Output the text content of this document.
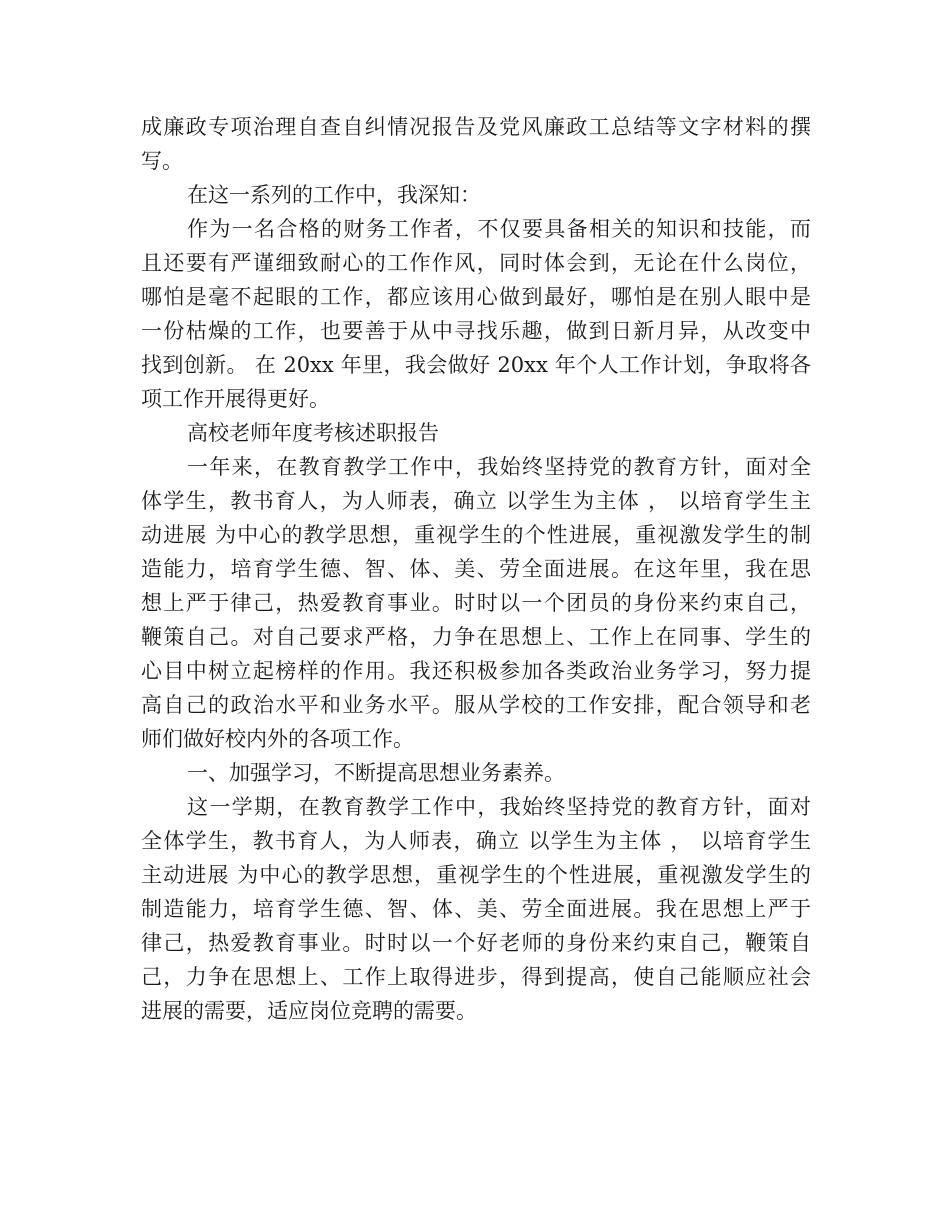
成廉政专项治理自查自纠情况报告及党风廉政工总结等文字材料的撰
写。
在这一系列的工作中，我深知：
作为一名合格的财务工作者，不仅要具备相关的知识和技能，而
且还要有严谨细致耐心的工作作风，同时体会到，无论在什么岗位，
哪怕是毫不起眼的工作，都应该用心做到最好，哪怕是在别人眼中是
一份枯燥的工作，也要善于从中寻找乐趣，做到日新月异，从改变中
找到创新。 在 20xx 年里，我会做好 20xx 年个人工作计划，争取将各
项工作开展得更好。
高校老师年度考核述职报告
一年来，在教育教学工作中，我始终坚持党的教育方针，面对全
体学生，教书育人，为人师表，确立 以学生为主体 ， 以培育学生主
动进展 为中心的教学思想，重视学生的个性进展，重视激发学生的制
造能力，培育学生德、智、体、美、劳全面进展。在这年里，我在思
想上严于律己，热爱教育事业。时时以一个团员的身份来约束自己，
鞭策自己。对自己要求严格，力争在思想上、工作上在同事、学生的
心目中树立起榜样的作用。我还积极参加各类政治业务学习，努力提
高自己的政治水平和业务水平。服从学校的工作安排，配合领导和老
师们做好校内外的各项工作。
一、加强学习，不断提高思想业务素养。
这一学期，在教育教学工作中，我始终坚持党的教育方针，面对
全体学生，教书育人，为人师表，确立 以学生为主体 ， 以培育学生
主动进展 为中心的教学思想，重视学生的个性进展，重视激发学生的
制造能力，培育学生德、智、体、美、劳全面进展。我在思想上严于
律己，热爱教育事业。时时以一个好老师的身份来约束自己，鞭策自
己，力争在思想上、工作上取得进步，得到提高，使自己能顺应社会
进展的需要，适应岗位竞聘的需要。
